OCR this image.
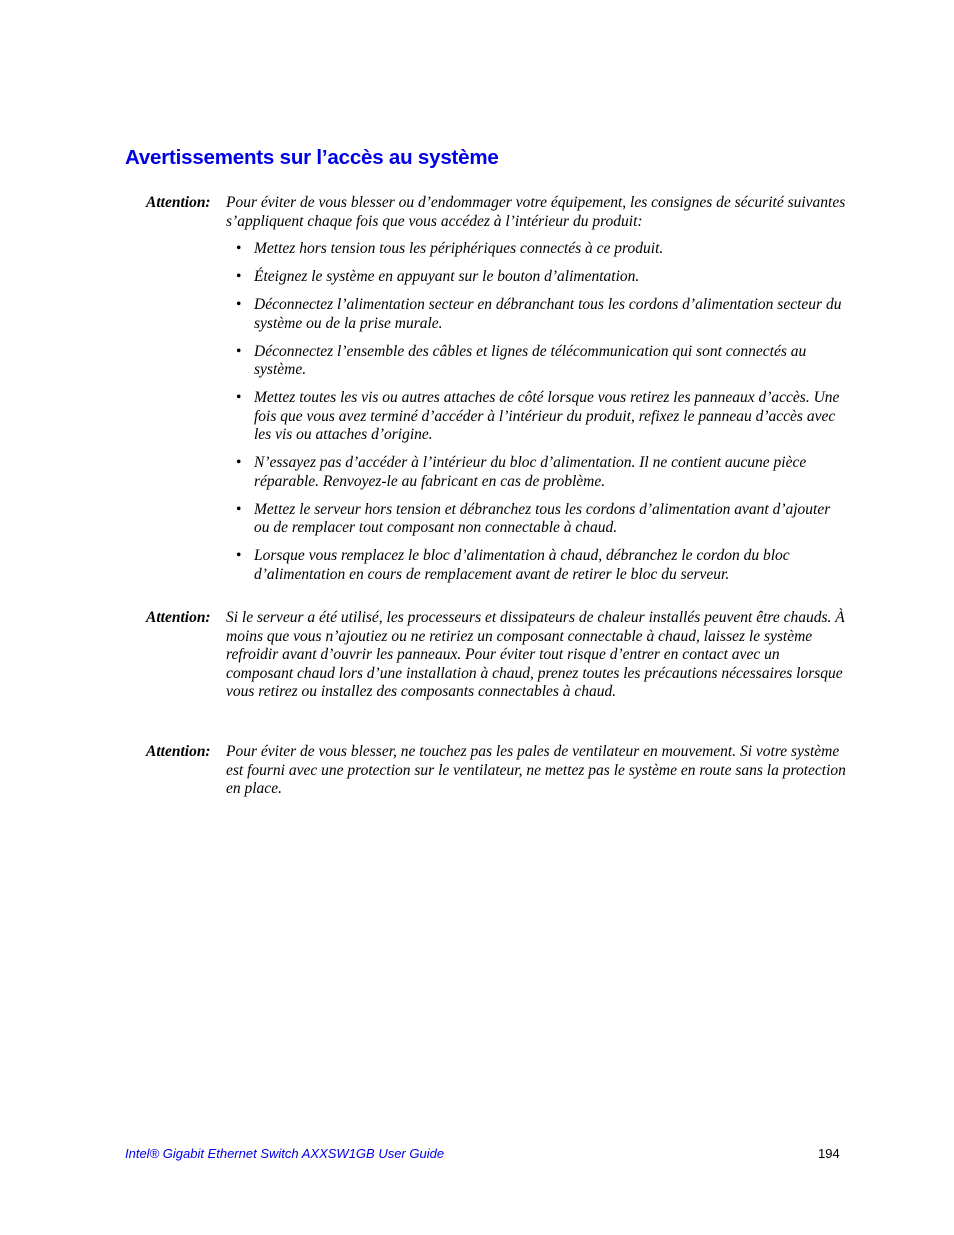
Avertissements sur l’accès au système
Attention: Pour éviter de vous blesser ou d’endommager votre équipement, les consignes de sécurité suivantes s’appliquent chaque fois que vous accédez à l’intérieur du produit:
• Mettez hors tension tous les périphériques connectés à ce produit.
• Éteignez le système en appuyant sur le bouton d’alimentation.
• Déconnectez l’alimentation secteur en débranchant tous les cordons d’alimentation secteur du système ou de la prise murale.
• Déconnectez l’ensemble des câbles et lignes de télécommunication qui sont connectés au système.
• Mettez toutes les vis ou autres attaches de côté lorsque vous retirez les panneaux d’accès. Une fois que vous avez terminé d’accéder à l’intérieur du produit, refixez le panneau d’accès avec les vis ou attaches d’origine.
• N’essayez pas d’accéder à l’intérieur du bloc d’alimentation. Il ne contient aucune pièce réparable. Renvoyez-le au fabricant en cas de problème.
• Mettez le serveur hors tension et débranchez tous les cordons d’alimentation avant d’ajouter ou de remplacer tout composant non connectable à chaud.
• Lorsque vous remplacez le bloc d’alimentation à chaud, débranchez le cordon du bloc d’alimentation en cours de remplacement avant de retirer le bloc du serveur.
Attention: Si le serveur a été utilisé, les processeurs et dissipateurs de chaleur installés peuvent être chauds. À moins que vous n’ajoutiez ou ne retiriez un composant connectable à chaud, laissez le système refroidir avant d’ouvrir les panneaux. Pour éviter tout risque d’entrer en contact avec un composant chaud lors d’une installation à chaud, prenez toutes les précautions nécessaires lorsque vous retirez ou installez des composants connectables à chaud.
Attention: Pour éviter de vous blesser, ne touchez pas les pales de ventilateur en mouvement. Si votre système est fourni avec une protection sur le ventilateur, ne mettez pas le système en route sans la protection en place.
Intel® Gigabit Ethernet Switch AXXSW1GB User Guide	194
